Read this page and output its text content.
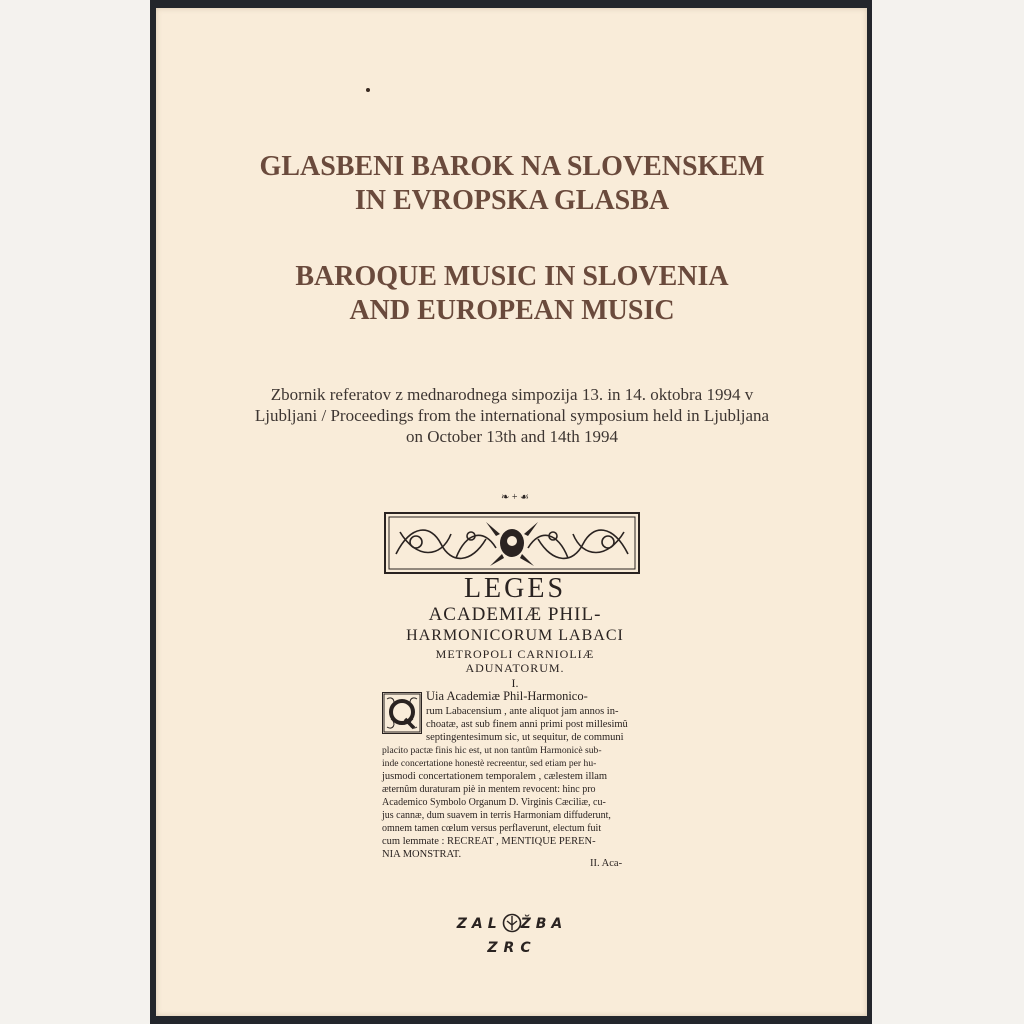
GLASBENI BAROK NA SLOVENSKEM
IN EVROPSKA GLASBA
BAROQUE MUSIC IN SLOVENIA
AND EUROPEAN MUSIC
Zbornik referatov z mednarodnega simpozija 13. in 14. oktobra 1994 v
Ljubljani / Proceedings from the international symposium held in Ljubljana
on October 13th and 14th 1994
❧ + ☙
LEGES
ACADEMIÆ PHIL-
HARMONICORUM LABACI
METROPOLI CARNIOLIÆ
ADUNATORUM.
I.
Uia Academiæ Phil-Harmonico-
rum Labacensium , ante aliquot jam annos in-
choatæ, ast sub finem anni primi post millesimû
septingentesimum sic, ut sequitur, de communi
placito pactæ finis hic est, ut non tantûm Harmonicè sub-
inde concertatione honestè recreentur, sed etiam per hu-
jusmodi concertationem temporalem , cælestem illam
æternûm duraturam piè in mentem revocent: hinc pro
Academico Symbolo Organum D. Virginis Cæciliæ, cu-
jus cannæ, dum suavem in terris Harmoniam diffuderunt,
omnem tamen cœlum versus perflaverunt, electum fuit
cum lemmate : RECREAT , MENTIQUE PEREN-
NIA MONSTRAT.
II. Aca-
ZAL ŽBA
ZRC
